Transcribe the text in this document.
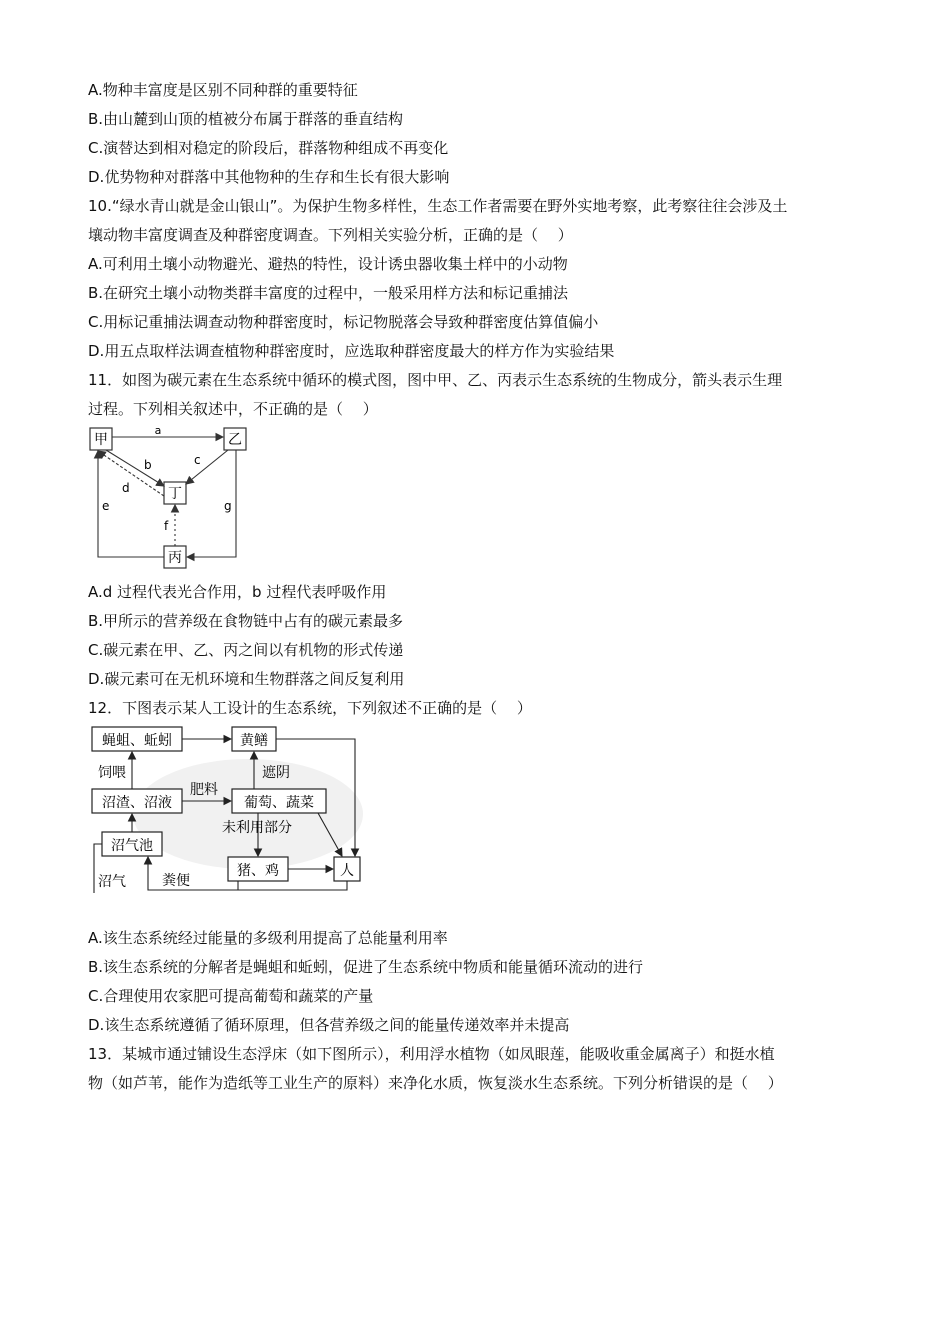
A.物种丰富度是区别不同种群的重要特征
B.由山麓到山顶的植被分布属于群落的垂直结构
C.演替达到相对稳定的阶段后，群落物种组成不再变化
D.优势物种对群落中其他物种的生存和生长有很大影响
10.“绿水青山就是金山银山”。为保护生物多样性，生态工作者需要在野外实地考察，此考察往往会涉及土
壤动物丰富度调查及种群密度调查。下列相关实验分析，正确的是（　 ）
A.可利用土壤小动物避光、避热的特性，设计诱虫器收集土样中的小动物
B.在研究土壤小动物类群丰富度的过程中，一般采用样方法和标记重捕法
C.用标记重捕法调查动物种群密度时，标记物脱落会导致种群密度估算值偏小
D.用五点取样法调查植物种群密度时，应选取种群密度最大的样方作为实验结果
11．如图为碳元素在生态系统中循环的模式图，图中甲、乙、丙表示生态系统的生物成分，箭头表示生理
过程。下列相关叙述中，不正确的是（　 ）
甲	乙
丁
丙
a
b
d
c
e
f
g
A.d 过程代表光合作用，b 过程代表呼吸作用
B.甲所示的营养级在食物链中占有的碳元素最多
C.碳元素在甲、乙、丙之间以有机物的形式传递
D.碳元素可在无机环境和生物群落之间反复利用
12．下图表示某人工设计的生态系统，下列叙述不正确的是（　 ）
蝇蛆、蚯蚓	黄鳝
沼渣、沼液	葡萄、蔬菜
沼气池
猪、鸡	人
饲喂
肥料
遮阴
未利用部分
粪便
沼气
A.该生态系统经过能量的多级利用提高了总能量利用率
B.该生态系统的分解者是蝇蛆和蚯蚓，促进了生态系统中物质和能量循环流动的进行
C.合理使用农家肥可提高葡萄和蔬菜的产量
D.该生态系统遵循了循环原理，但各营养级之间的能量传递效率并未提高
13．某城市通过铺设生态浮床（如下图所示），利用浮水植物（如凤眼莲，能吸收重金属离子）和挺水植
物（如芦苇，能作为造纸等工业生产的原料）来净化水质，恢复淡水生态系统。下列分析错误的是（　 ）
